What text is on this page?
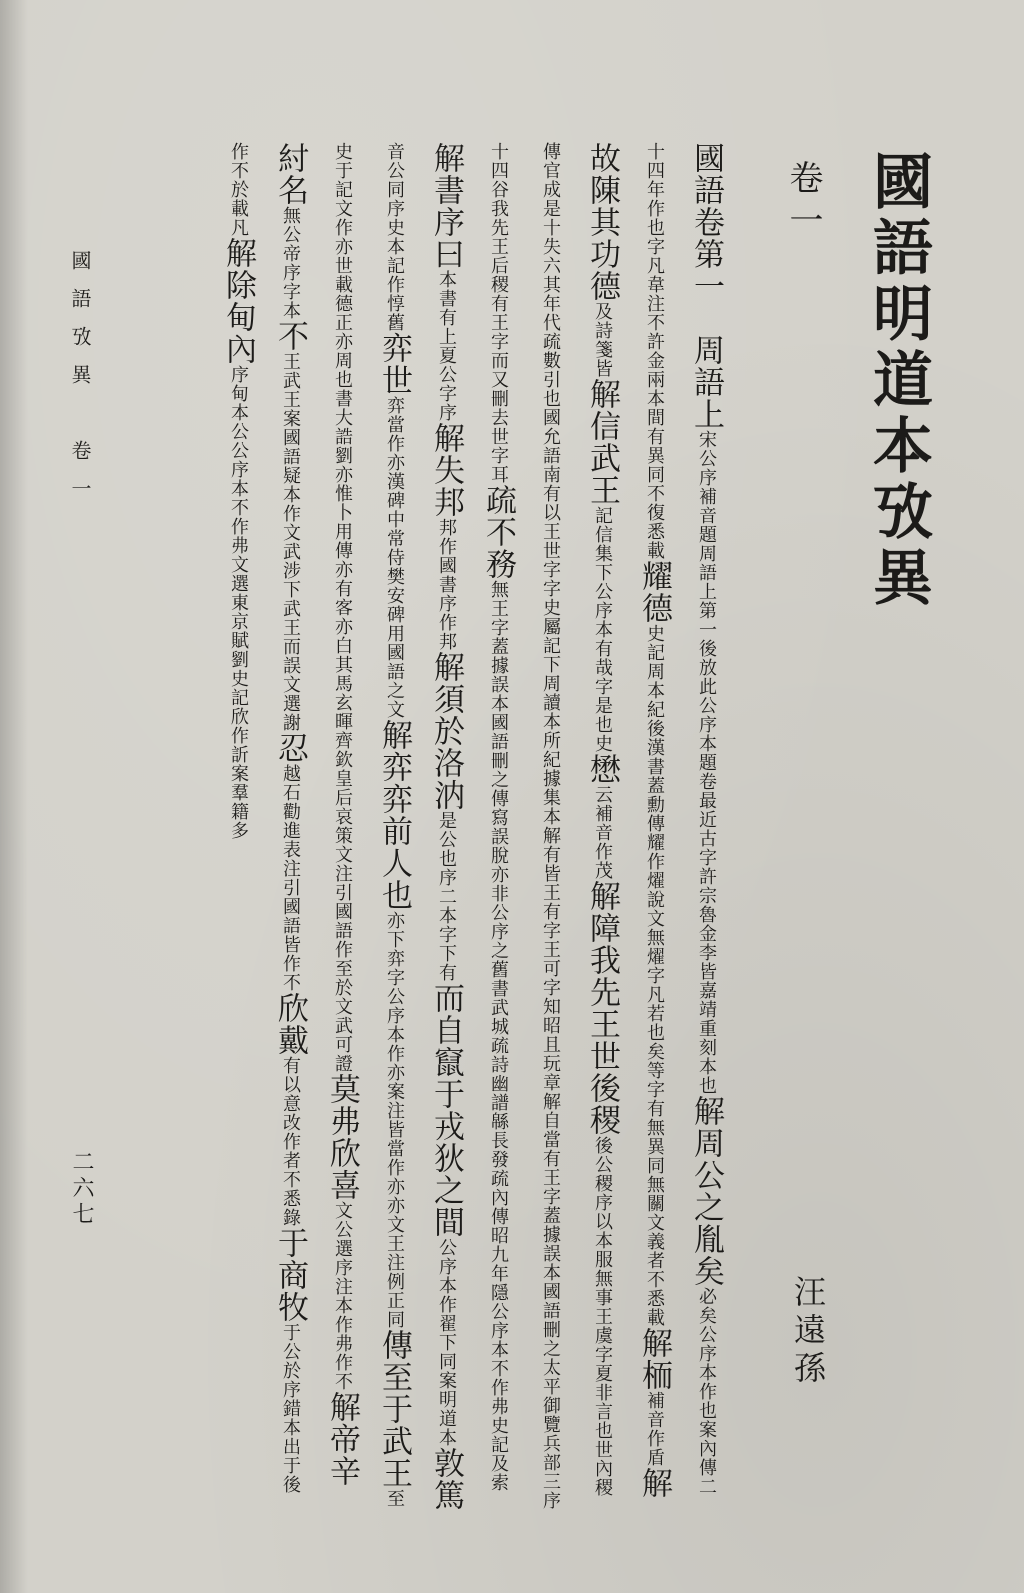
國語明道本攷異
卷一
汪遠孫
國語卷第一　周語上宋公序補音題周語上第一後放此公序本題卷最近古字許宗魯金李皆嘉靖重刻本也解周公之胤矣必矣公序本作也案內傳二十四年作也字凡韋注不許金兩本間有異同不復悉載耀德史記周本紀後漢書蓋勳傳耀作燿說文無燿字凡若也矣等字有無異同無關文義者不悉載解栭補音作盾解故陳其功德及詩箋皆解信武王記信集下公序本有哉字是也史懋云補音作茂解障我先王世後稷後公稷序以本服無事王虞字夏非言也世內稷傳官成是十失六其年代疏數引也國允語南有以王世字字史屬記下周讀本所紀據集本解有皆王有字王可字知昭且玩章解自當有王字蓋據誤本國語刪之太平御覽兵部三序十四谷我先王后稷有王字而又刪去世字耳疏不務無王字蓋據誤本國語刪之傳寫誤脫亦非公序之舊書武城疏詩幽譜緜長發疏內傳昭九年隱公序本不作弗史記及索解書序曰本書有上夏公字序解失邦邦作國書序作邦解須於洛汭是公也序二本字下有而自竄于戎狄之間公序本作翟下同案明道本敦篤音公同序史本記作惇舊弈世弈當作亦漢碑中常侍樊安碑用國語之文解弈弈前人也亦下弈字公序本作亦案注皆當作亦亦文王注例正同傳至于武王至史于記文作亦世載德正亦周也書大誥劉亦惟卜用傳亦有客亦白其馬玄暉齊欽皇后哀策文注引國語作至於文武可證莫弗欣喜文公選序注本作弗作不解帝辛紂名無公帝序字本不王武王案國語疑本作文武涉下武王而誤文選謝忍越石勸進表注引國語皆作不欣戴有以意改作者不悉錄于商牧于公於序錯本出于後作不於載凡解除甸內序甸本公公序本不作弗文選東京賦劉史記欣作訢案羣籍多
國語攷異　卷一
二六七
